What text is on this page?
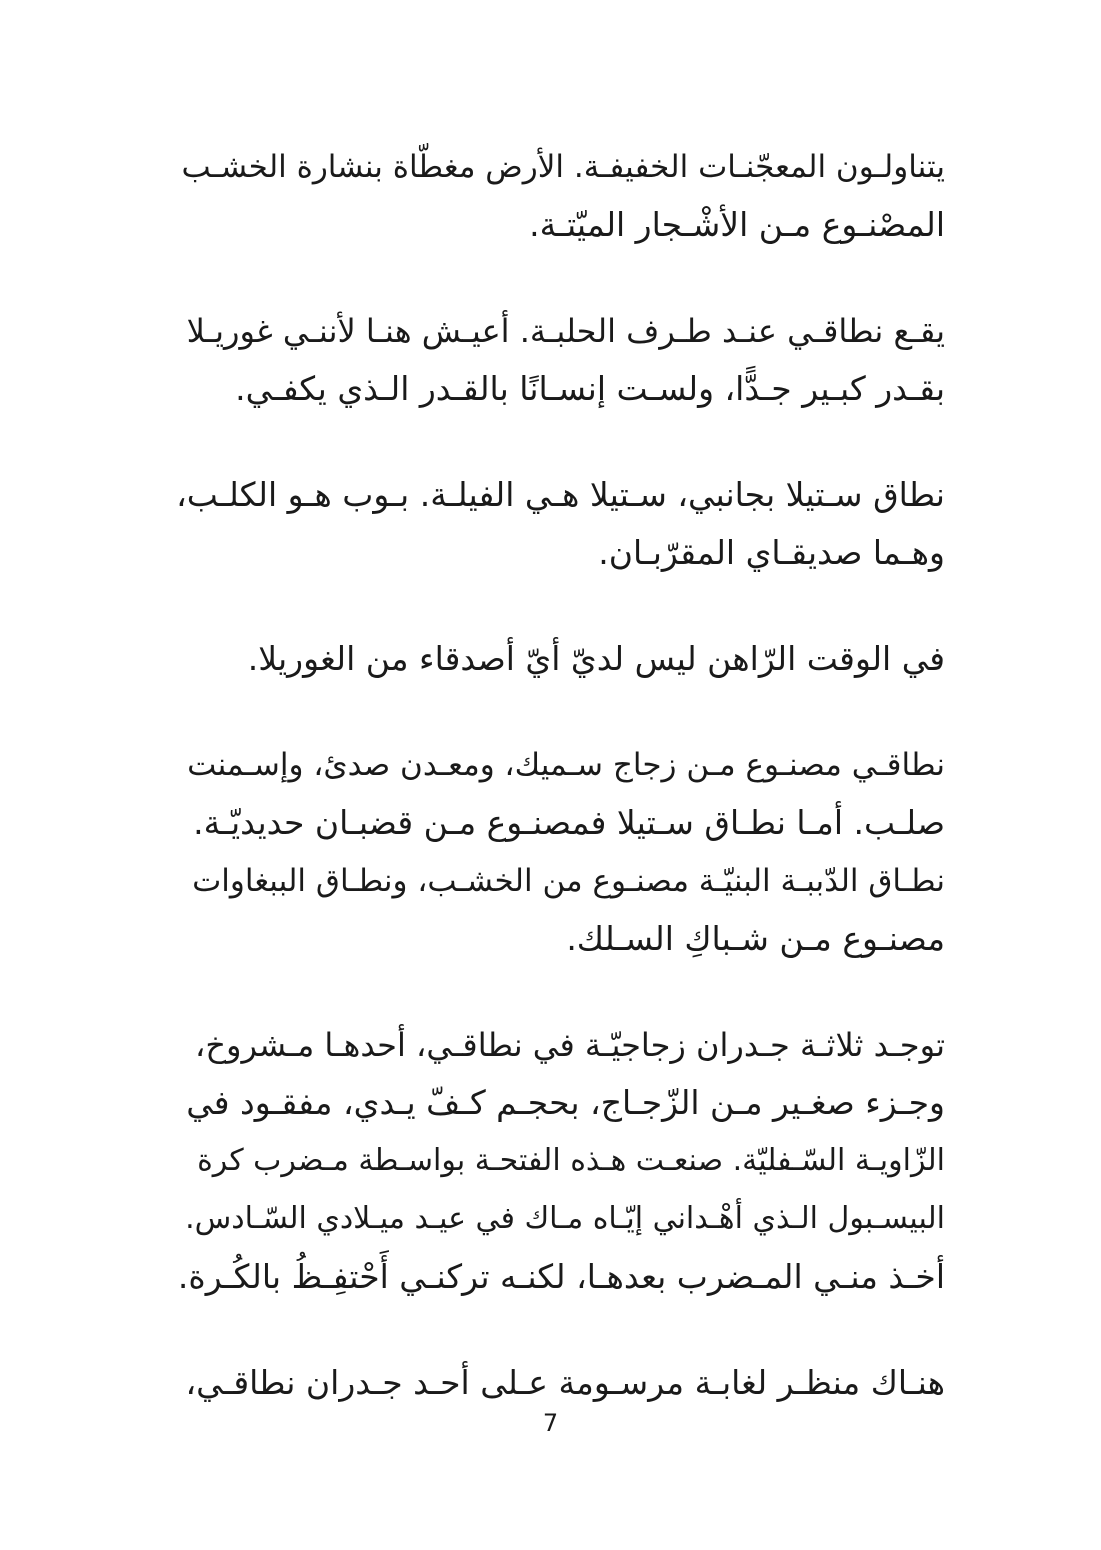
يتناولـون المعجّنـات الخفيفـة. الأرض مغطّاة بنشارة الخشـب
المصْنـوع مـن الأشْـجار الميّتـة.
يقـع نطاقـي عنـد طـرف الحلبـة. أعيـش هنـا لأننـي غوريـلا
بقـدر كبـير جـدًّا، ولسـت إنسـانًا بالقـدر الـذي يكفـي.
نطاق سـتيلا بجانبي، سـتيلا هـي الفيلـة. بـوب هـو الكلـب،
وهـما صديقـاي المقرّبـان.
في الوقت الرّاهن ليس لديّ أيّ أصدقاء من الغوريلا.
نطاقـي مصنـوع مـن زجاج سـميك، ومعـدن صدئ، وإسـمنت
صلـب. أمـا نطـاق سـتيلا فمصنـوع مـن قضبـان حديديّـة.
نطـاق الدّببـة البنيّـة مصنـوع من الخشـب، ونطـاق الببغاوات
مصنـوع مـن شـباكِ السـلك.
توجـد ثلاثـة جـدران زجاجيّـة في نطاقـي، أحدهـا مـشروخ،
وجـزء صغـير مـن الزّجـاج، بحجـم كـفّ يـدي، مفقـود في
الزّاويـة السّـفليّة. صنعـت هـذه الفتحـة بواسـطة مـضرب كرة
البيسـبول الـذي أهْـداني إيّـاه مـاك في عيـد ميـلادي السّـادس.
أخـذ منـي المـضرب بعدهـا، لكنـه تركنـي أَحْتفِـظُ بالكُـرة.
هنـاك منظـر لغابـة مرسـومة عـلى أحـد جـدران نطاقـي،
7
